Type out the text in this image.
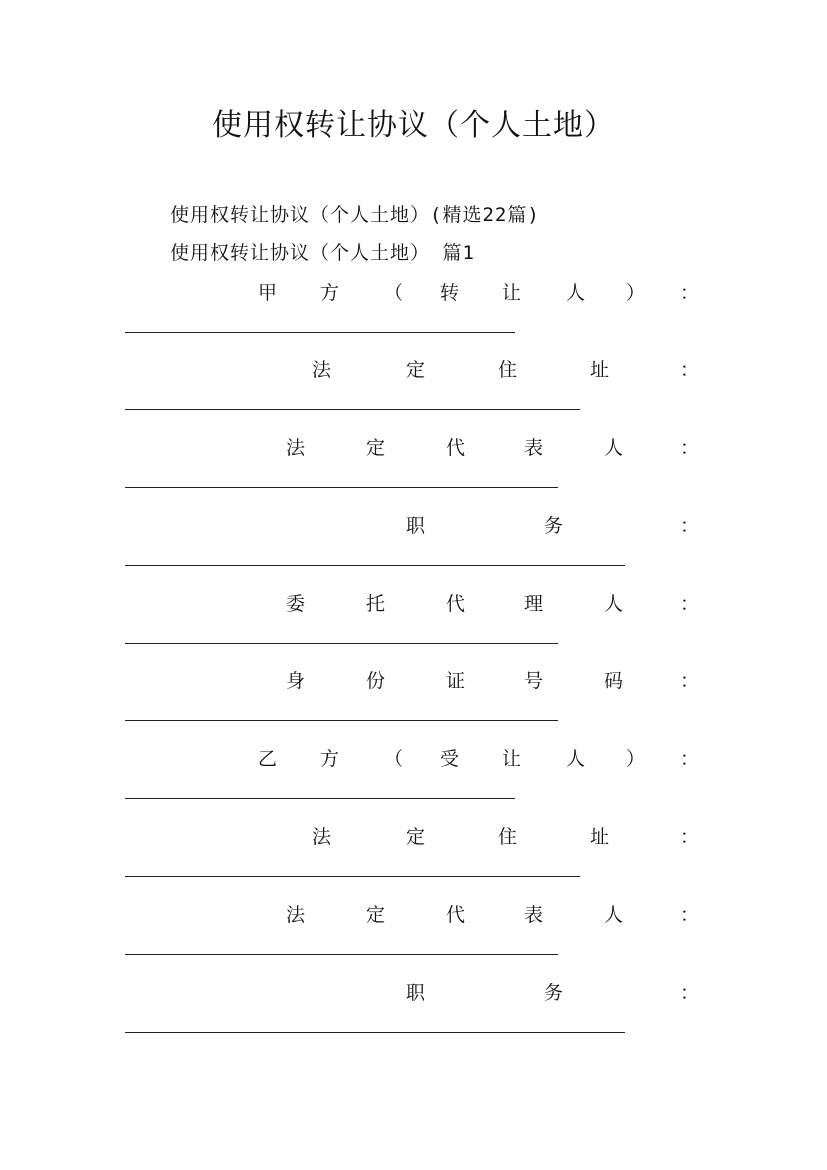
使用权转让协议（个人土地）
使用权转让协议（个人土地）(精选22篇)
使用权转让协议（个人土地） 篇1
甲 方 （ 转 让 人 ） ：
法	定	住	址	：
法	定	代	表	人	：
职	务	：
委	托	代	理	人	：
身	份	证	号	码	：
乙 方 （ 受 让 人 ） ：
法	定	住	址	：
法	定	代	表	人	：
职	务	：
